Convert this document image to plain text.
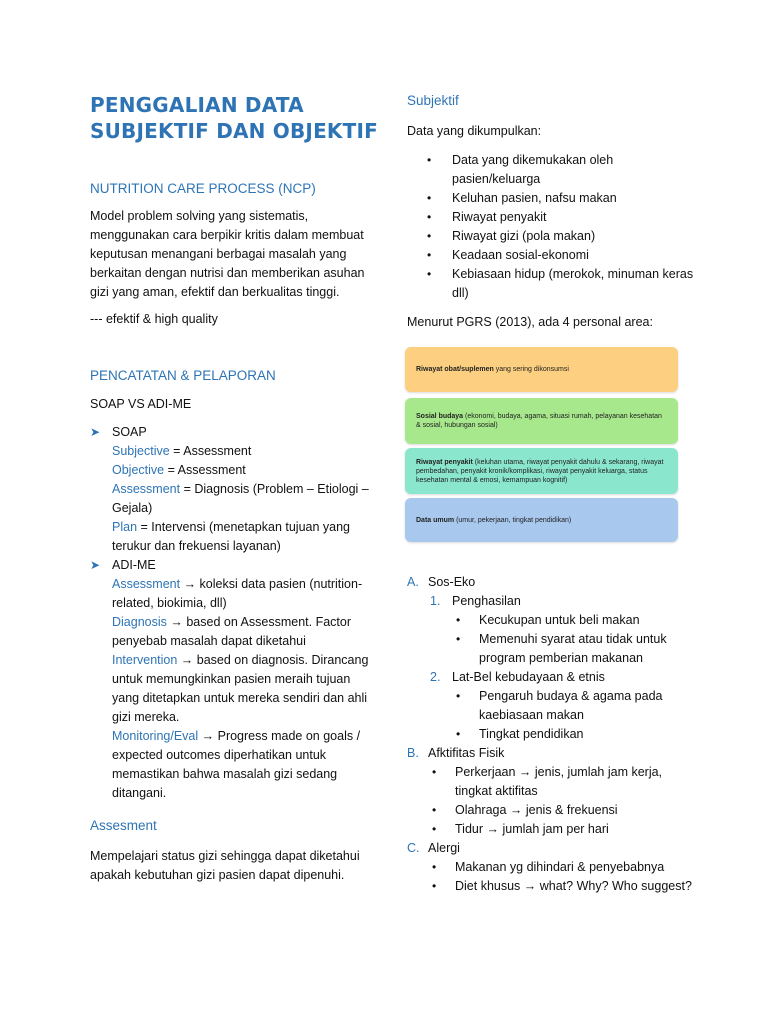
PENGGALIAN DATA
SUBJEKTIF DAN OBJEKTIF
NUTRITION CARE PROCESS (NCP)

Model problem solving yang sistematis, menggunakan cara berpikir kritis dalam membuat keputusan menangani berbagai masalah yang berkaitan dengan nutrisi dan memberikan asuhan gizi yang aman, efektif dan berkualitas tinggi.

--- efektif & high quality

PENCATATAN & PELAPORAN

SOAP VS ADI-ME

➤ SOAP
Subjective = Assessment
Objective = Assessment
Assessment = Diagnosis (Problem – Etiologi – Gejala)
Plan = Intervensi (menetapkan tujuan yang terukur dan frekuensi layanan)
➤ ADI-ME
Assessment → koleksi data pasien (nutrition-related, biokimia, dll)
Diagnosis → based on Assessment. Factor penyebab masalah dapat diketahui
Intervention → based on diagnosis. Dirancang untuk memungkinkan pasien meraih tujuan yang ditetapkan untuk mereka sendiri dan ahli gizi mereka.
Monitoring/Eval → Progress made on goals / expected outcomes diperhatikan untuk memastikan bahwa masalah gizi sedang ditangani.
Assesment

Mempelajari status gizi sehingga dapat diketahui apakah kebutuhan gizi pasien dapat dipenuhi.

Subjektif

Data yang dikumpulkan:

• Data yang dikemukakan oleh pasien/keluarga
• Keluhan pasien, nafsu makan
• Riwayat penyakit
• Riwayat gizi (pola makan)
• Keadaan sosial-ekonomi
• Kebiasaan hidup (merokok, minuman keras dll)

Menurut PGRS (2013), ada 4 personal area:

Riwayat obat/suplemen yang sering dikonsumsi
Sosial budaya (ekonomi, budaya, agama, situasi rumah, pelayanan kesehatan & sosial, hubungan sosial)
Riwayat penyakit (keluhan utama, riwayat penyakit dahulu & sekarang, riwayat pembedahan, penyakit kronik/komplikasi, riwayat penyakit keluarga, status kesehatan mental & emosi, kemampuan kognitif)
Data umum (umur, pekerjaan, tingkat pendidikan)
A. Sos-Eko
1. Penghasilan
• Kecukupan untuk beli makan
• Memenuhi syarat atau tidak untuk program pemberian makanan
2. Lat-Bel kebudayaan & etnis
• Pengaruh budaya & agama pada kaebiasaan makan
• Tingkat pendidikan
B. Afktifitas Fisik
• Perkerjaan → jenis, jumlah jam kerja, tingkat aktifitas
• Olahraga → jenis & frekuensi
• Tidur → jumlah jam per hari
C. Alergi
• Makanan yg dihindari & penyebabnya
• Diet khusus → what? Why? Who suggest?
